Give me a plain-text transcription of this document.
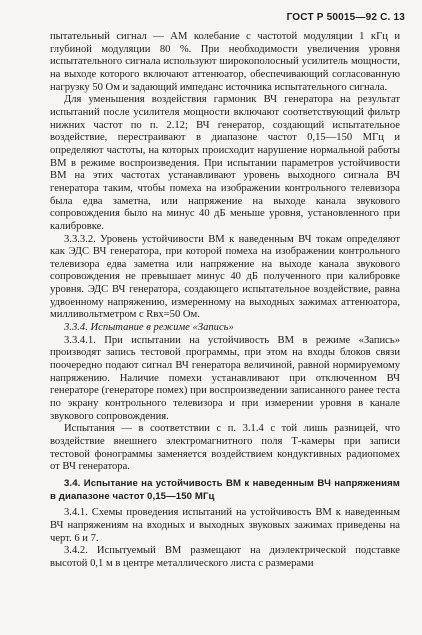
ГОСТ Р 50015—92 С. 13

пытательный сигнал — АМ колебание с частотой модуляции 1 кГц и глубиной модуляции 80 %. При необходимости увеличения уровня испытательного сигнала используют широкополосный усилитель мощности, на выходе которого включают аттенюатор, обеспечивающий согласованную нагрузку 50 Ом и задающий импеданс источника испытательного сигнала.

Для уменьшения воздействия гармоник ВЧ генератора на результат испытаний после усилителя мощности включают соответствующий фильтр нижних частот по п. 2.12; ВЧ генератор, создающий испытательное воздействие, перестраивают в диапазоне частот 0,15—150 МГц и определяют частоты, на которых происходит нарушение нормальной работы ВМ в режиме воспроизведения. При испытании параметров устойчивости ВМ на этих частотах устанавливают уровень выходного сигнала ВЧ генератора таким, чтобы помеха на изображении контрольного телевизора была едва заметна, или напряжение на выходе канала звукового сопровождения было на минус 40 дБ меньше уровня, установленного при калибровке.

3.3.3.2. Уровень устойчивости ВМ к наведенным ВЧ токам определяют как ЭДС ВЧ генератора, при которой помеха на изображении контрольного телевизора едва заметна или напряжение на выходе канала звукового сопровождения не превышает минус 40 дБ полученного при калибровке уровня. ЭДС ВЧ генератора, создающего испытательное воздействие, равна удвоенному напряжению, измеренному на выходных зажимах аттенюатора, милливольтметром с Rвх=50 Ом.

3.3.4. Испытание в режиме «Запись»

3.3.4.1. При испытании на устойчивость ВМ в режиме «Запись» производят запись тестовой программы, при этом на входы блоков связи поочередно подают сигнал ВЧ генератора величиной, равной нормируемому напряжению. Наличие помехи устанавливают при отключенном ВЧ генераторе (генераторе помех) при воспроизведении записанного ранее теста по экрану контрольного телевизора и при измерении уровня в канале звукового сопровождения.

Испытания — в соответствии с п. 3.1.4 с той лишь разницей, что воздействие внешнего электромагнитного поля Т-камеры при записи тестовой фонограммы заменяется воздействием кондуктивных радиопомех от ВЧ генератора.

3.4. Испытание на устойчивость ВМ к наведенным ВЧ напряжениям в диапазоне частот 0,15—150 МГц

3.4.1. Схемы проведения испытаний на устойчивость ВМ к наведенным ВЧ напряжениям на входных и выходных звуковых зажимах приведены на черт. 6 и 7.

3.4.2. Испытуемый ВМ размещают на диэлектрической подставке высотой 0,1 м в центре металлического листа с размерами
